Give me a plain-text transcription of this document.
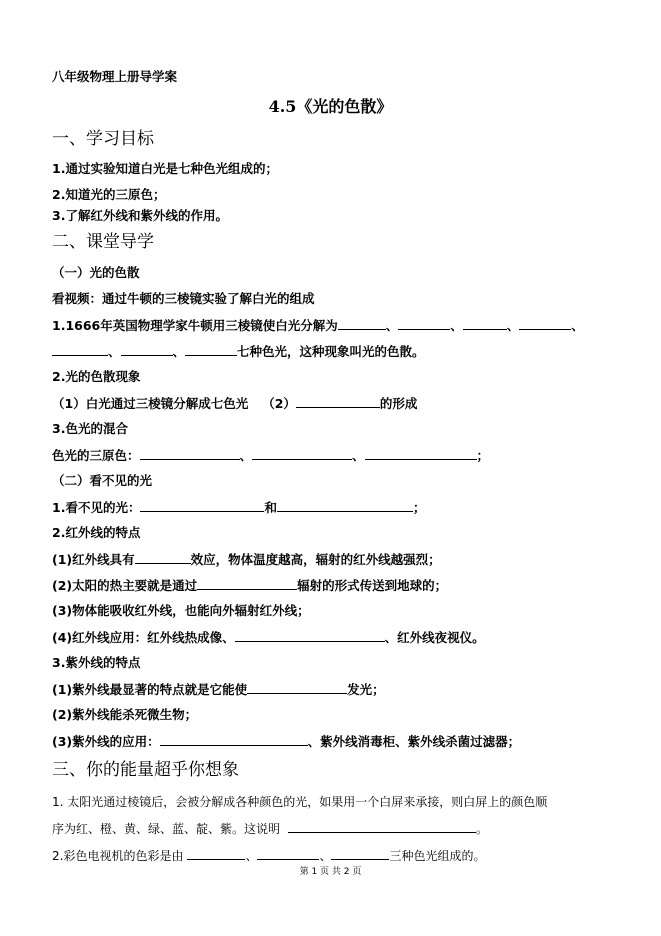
八年级物理上册导学案
4.5《光的色散》
一、学习目标
1.通过实验知道白光是七种色光组成的；
2.知道光的三原色；
3.了解红外线和紫外线的作用。
二、课堂导学
（一）光的色散
看视频：通过牛顿的三棱镜实验了解白光的组成
1.1666年英国物理学家牛顿用三棱镜使白光分解为	、	、	、	、
、	、	七种色光，这种现象叫光的色散。
2.光的色散现象
（1）白光通过三棱镜分解成七色光 （2）	的形成
3.色光的混合
色光的三原色：	、	、	；
（二）看不见的光
1.看不见的光：	和	；
2.红外线的特点
(1)红外线具有	效应，物体温度越高，辐射的红外线越强烈；
(2)太阳的热主要就是通过	辐射的形式传送到地球的；
(3)物体能吸收红外线，也能向外辐射红外线；
(4)红外线应用：红外线热成像、	、红外线夜视仪。
3.紫外线的特点
(1)紫外线最显著的特点就是它能使	发光；
(2)紫外线能杀死微生物；
(3)紫外线的应用：	、紫外线消毒柜、紫外线杀菌过滤器；
三、你的能量超乎你想象
1. 太阳光通过棱镜后，会被分解成各种颜色的光，如果用一个白屏来承接，则白屏上的颜色顺
序为红、橙、黄、绿、蓝、靛、紫。这说明	。
2.彩色电视机的色彩是由	、	、	三种色光组成的。
第 1 页 共 2 页
